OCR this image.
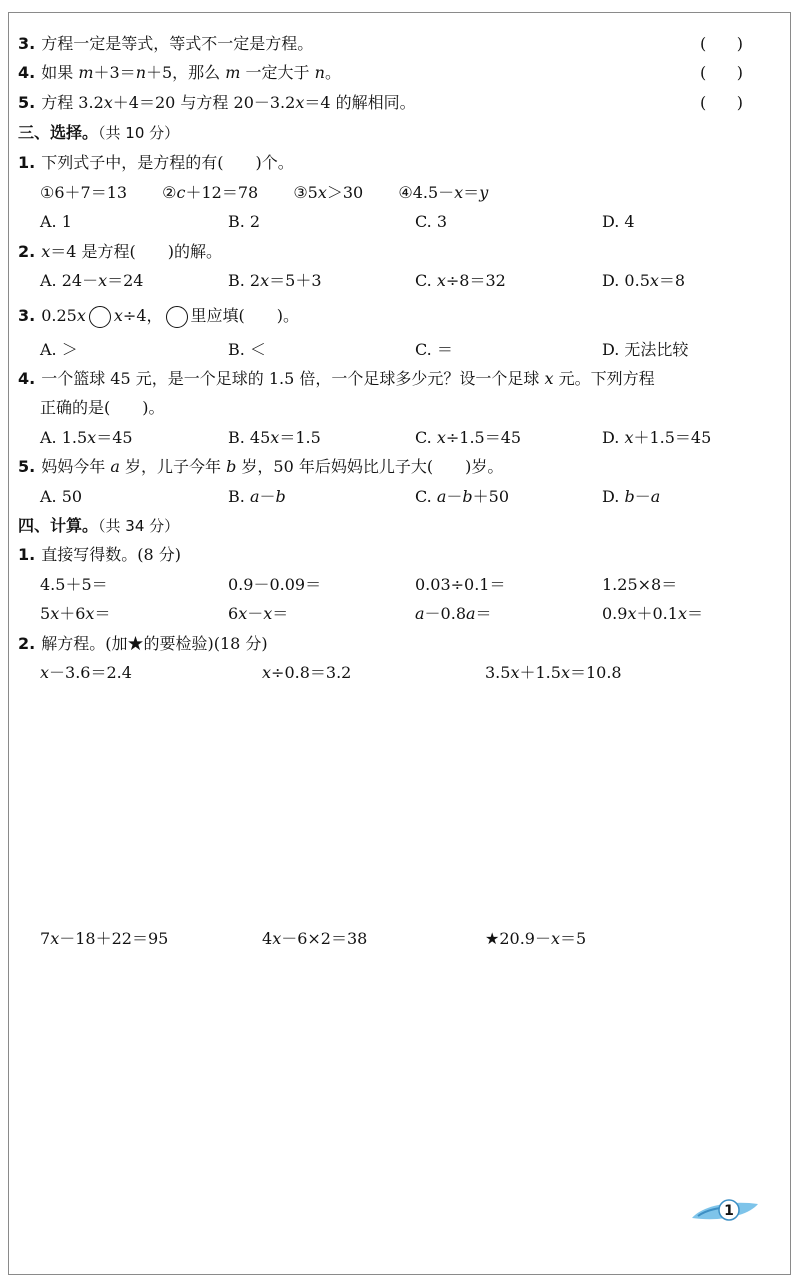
3. 方程一定是等式，等式不一定是方程。	(      )
4. 如果 m＋3＝n＋5，那么 m 一定大于 n。	(      )
5. 方程 3.2x＋4＝20 与方程 20－3.2x＝4 的解相同。	(      )
三、选择。（共 10 分）
1. 下列式子中，是方程的有(　　)个。
①6＋7＝13 ②c＋12＝78 ③5x＞30 ④4.5－x＝y
A. 1	B. 2	C. 3	D. 4
2. x＝4 是方程(　　)的解。
A. 24－x＝24	B. 2x＝5＋3	C. x÷8＝32	D. 0.5x＝8
3. 0.25x x÷4， 里应填(　　)。
A. ＞	B. ＜	C. ＝	D. 无法比较
4. 一个篮球 45 元，是一个足球的 1.5 倍，一个足球多少元？设一个足球 x 元。下列方程
正确的是(　　)。
A. 1.5x＝45	B. 45x＝1.5	C. x÷1.5＝45	D. x＋1.5＝45
5. 妈妈今年 a 岁，儿子今年 b 岁，50 年后妈妈比儿子大(　　)岁。
A. 50	B. a－b	C. a－b＋50	D. b－a
四、计算。（共 34 分）
1. 直接写得数。(8 分)
4.5＋5＝	0.9－0.09＝	0.03÷0.1＝	1.25×8＝
5x＋6x＝	6x－x＝	a－0.8a＝	0.9x＋0.1x＝
2. 解方程。(加★的要检验)(18 分)
x－3.6＝2.4	x÷0.8＝3.2	3.5x＋1.5x＝10.8
7x－18＋22＝95	4x－6×2＝38	★20.9－x＝5
1
